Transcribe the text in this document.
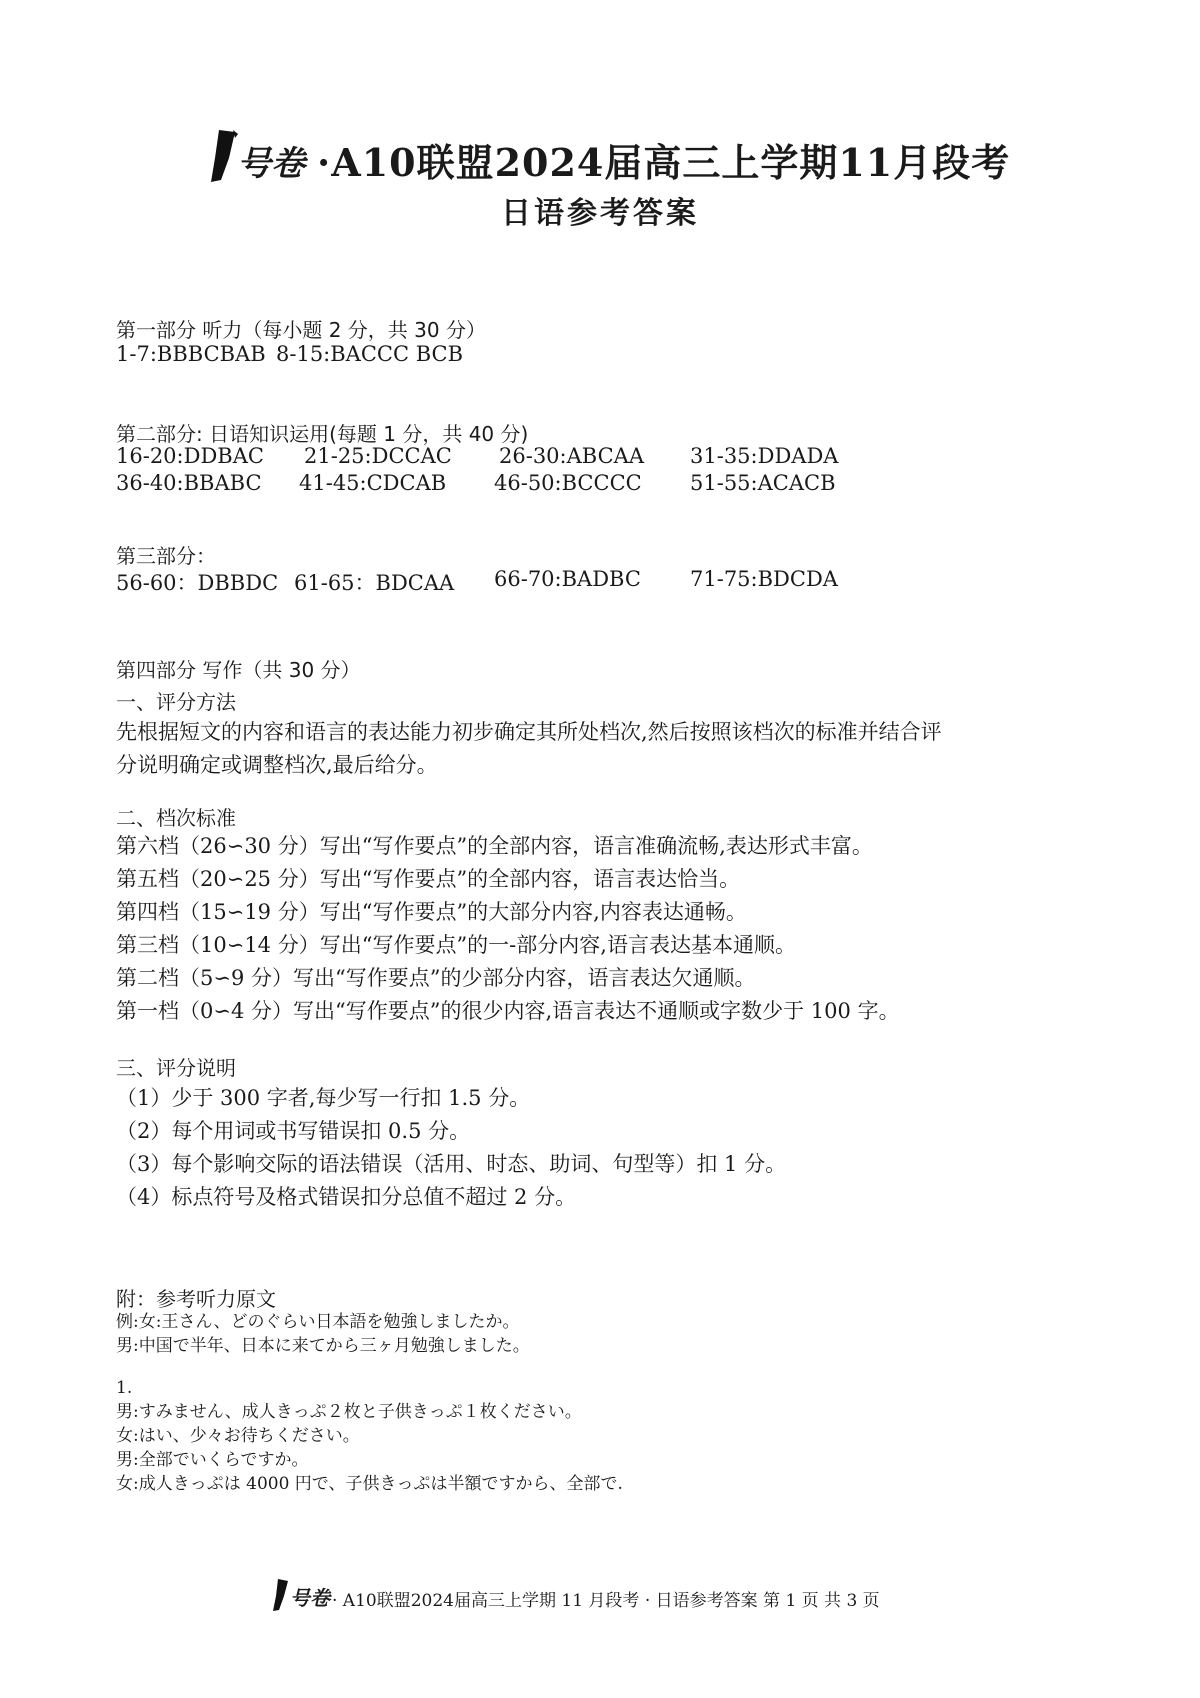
号卷 ·A10联盟2024届高三上学期11月段考
日语参考答案
第一部分 听力（每小题 2 分，共 30 分）
1-7:BBBCBAB 8-15:BACCC BCB
第二部分: 日语知识运用(每题 1 分，共 40 分)
16-20:DDBAC 21-25:DCCAC 26-30:ABCAA 31-35:DDADA
36-40:BBABC 41-45:CDCAB 46-50:BCCCC 51-55:ACACB
第三部分：
56-60：DBBDC 61-65：BDCAA 66-70:BADBC 71-75:BDCDA
第四部分 写作（共 30 分）
一、评分方法
先根据短文的内容和语言的表达能力初步确定其所处档次,然后按照该档次的标准并结合评
分说明确定或调整档次,最后给分。
二、档次标准
第六档（26∽30 分）写出“写作要点”的全部内容，语言准确流畅,表达形式丰富。
第五档（20∽25 分）写出“写作要点”的全部内容，语言表达恰当。
第四档（15∽19 分）写出“写作要点”的大部分内容,内容表达通畅。
第三档（10∽14 分）写出“写作要点”的一-部分内容,语言表达基本通顺。
第二档（5∽9 分）写出“写作要点”的少部分内容，语言表达欠通顺。
第一档（0∽4 分）写出“写作要点”的很少内容,语言表达不通顺或字数少于 100 字。
三、评分说明
（1）少于 300 字者,每少写一行扣 1.5 分。
（2）每个用词或书写错误扣 0.5 分。
（3）每个影响交际的语法错误（活用、时态、助词、句型等）扣 1 分。
（4）标点符号及格式错误扣分总值不超过 2 分。
附：参考听力原文
例:女:王さん、どのぐらい日本語を勉強しましたか。
男:中国で半年、日本に来てから三ヶ月勉強しました。
1.
男:すみません、成人きっぷ２枚と子供きっぷ１枚ください。
女:はい、少々お待ちください。
男:全部でいくらですか。
女:成人きっぷは 4000 円で、子供きっぷは半額ですから、全部で.
号卷 · A10联盟2024届高三上学期 11 月段考 · 日语参考答案 第 1 页 共 3 页
